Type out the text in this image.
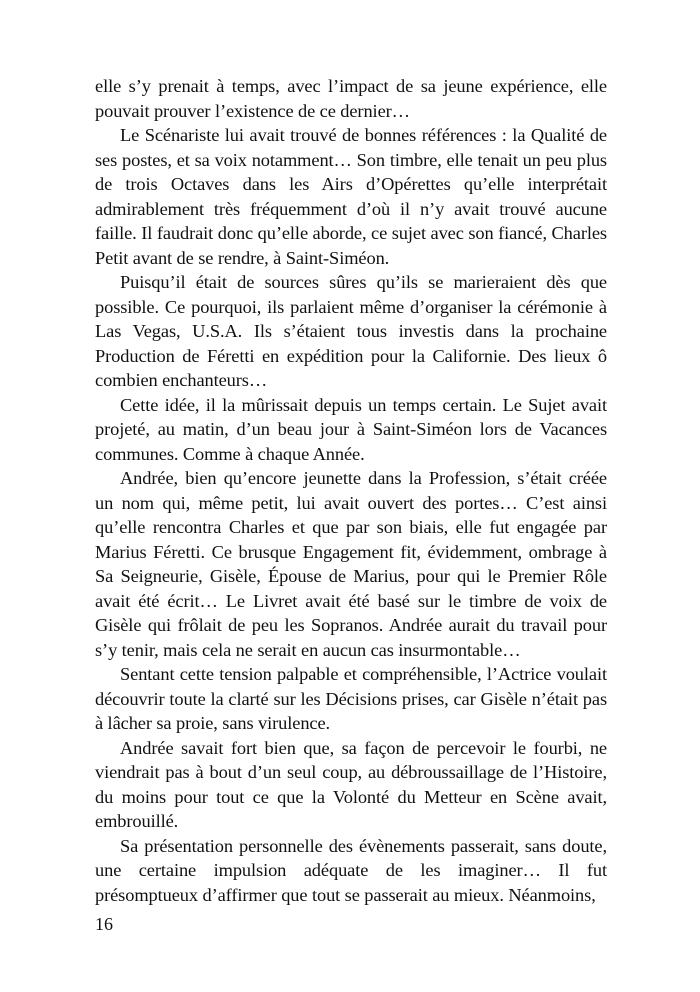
elle s’y prenait à temps, avec l’impact de sa jeune expérience, elle pouvait prouver l’existence de ce dernier…

Le Scénariste lui avait trouvé de bonnes références : la Qualité de ses postes, et sa voix notamment… Son timbre, elle tenait un peu plus de trois Octaves dans les Airs d’Opérettes qu’elle interprétait admirablement très fréquemment d’où il n’y avait trouvé aucune faille. Il faudrait donc qu’elle aborde, ce sujet avec son fiancé, Charles Petit avant de se rendre, à Saint-Siméon.

Puisqu’il était de sources sûres qu’ils se marieraient dès que possible. Ce pourquoi, ils parlaient même d’organiser la cérémonie à Las Vegas, U.S.A. Ils s’étaient tous investis dans la prochaine Production de Féretti en expédition pour la Californie. Des lieux ô combien enchanteurs…

Cette idée, il la mûrissait depuis un temps certain. Le Sujet avait projeté, au matin, d’un beau jour à Saint-Siméon lors de Vacances communes. Comme à chaque Année.

Andrée, bien qu’encore jeunette dans la Profession, s’était créée un nom qui, même petit, lui avait ouvert des portes… C’est ainsi qu’elle rencontra Charles et que par son biais, elle fut engagée par Marius Féretti. Ce brusque Engagement fit, évidemment, ombrage à Sa Seigneurie, Gisèle, Épouse de Marius, pour qui le Premier Rôle avait été écrit… Le Livret avait été basé sur le timbre de voix de Gisèle qui frôlait de peu les Sopranos. Andrée aurait du travail pour s’y tenir, mais cela ne serait en aucun cas insurmontable…

Sentant cette tension palpable et compréhensible, l’Actrice voulait découvrir toute la clarté sur les Décisions prises, car Gisèle n’était pas à lâcher sa proie, sans virulence.

Andrée savait fort bien que, sa façon de percevoir le fourbi, ne viendrait pas à bout d’un seul coup, au débroussaillage de l’Histoire, du moins pour tout ce que la Volonté du Metteur en Scène avait, embrouillé.

Sa présentation personnelle des évènements passerait, sans doute, une certaine impulsion adéquate de les imaginer… Il fut présomptueux d’affirmer que tout se passerait au mieux. Néanmoins,

16
